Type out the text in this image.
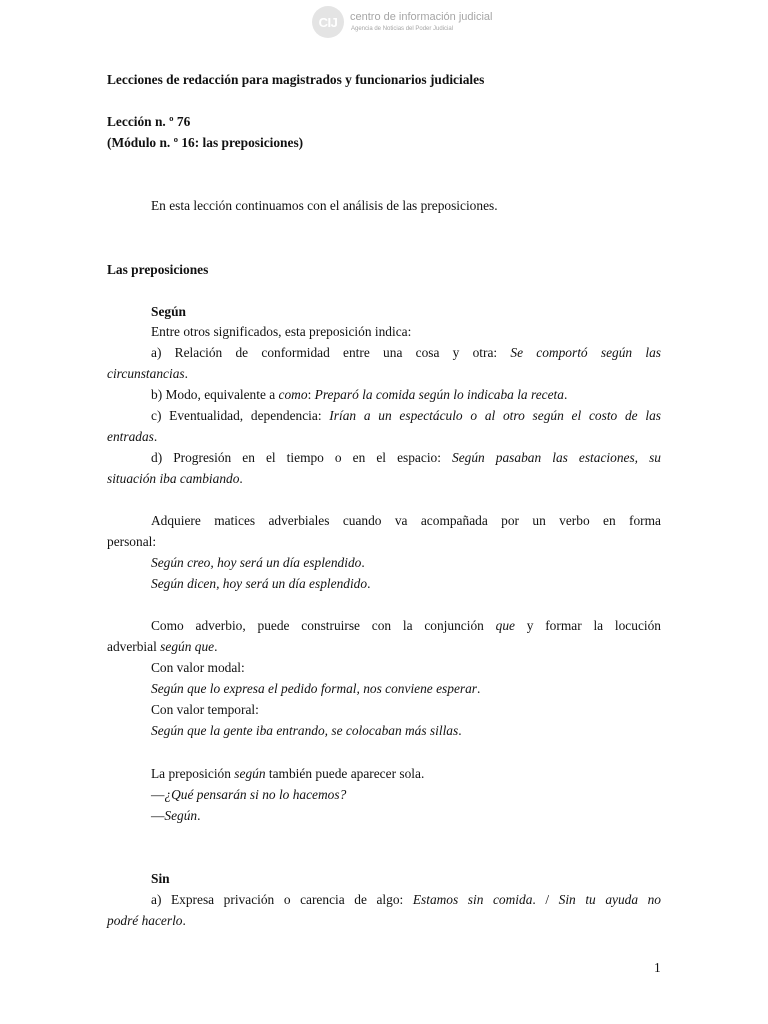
CIJ	centro de información judicial
Agencia de Noticias del Poder Judicial
Lecciones de redacción para magistrados y funcionarios judiciales
Lección n. º 76
(Módulo n. º 16: las preposiciones)
En esta lección continuamos con el análisis de las preposiciones.
Las preposiciones
Según
Entre otros significados, esta preposición indica:
a) Relación de conformidad entre una cosa y otra: Se comportó según las
circunstancias.
b) Modo, equivalente a como: Preparó la comida según lo indicaba la receta.
c) Eventualidad, dependencia: Irían a un espectáculo o al otro según el costo de las
entradas.
d) Progresión en el tiempo o en el espacio: Según pasaban las estaciones, su
situación iba cambiando.
Adquiere matices adverbiales cuando va acompañada por un verbo en forma
personal:
Según creo, hoy será un día esplendido.
Según dicen, hoy será un día esplendido.
Como adverbio, puede construirse con la conjunción que y formar la locución
adverbial según que.
Con valor modal:
Según que lo expresa el pedido formal, nos conviene esperar.
Con valor temporal:
Según que la gente iba entrando, se colocaban más sillas.
La preposición según también puede aparecer sola.
—¿Qué pensarán si no lo hacemos?
—Según.
Sin
a) Expresa privación o carencia de algo: Estamos sin comida. / Sin tu ayuda no
podré hacerlo.
1
